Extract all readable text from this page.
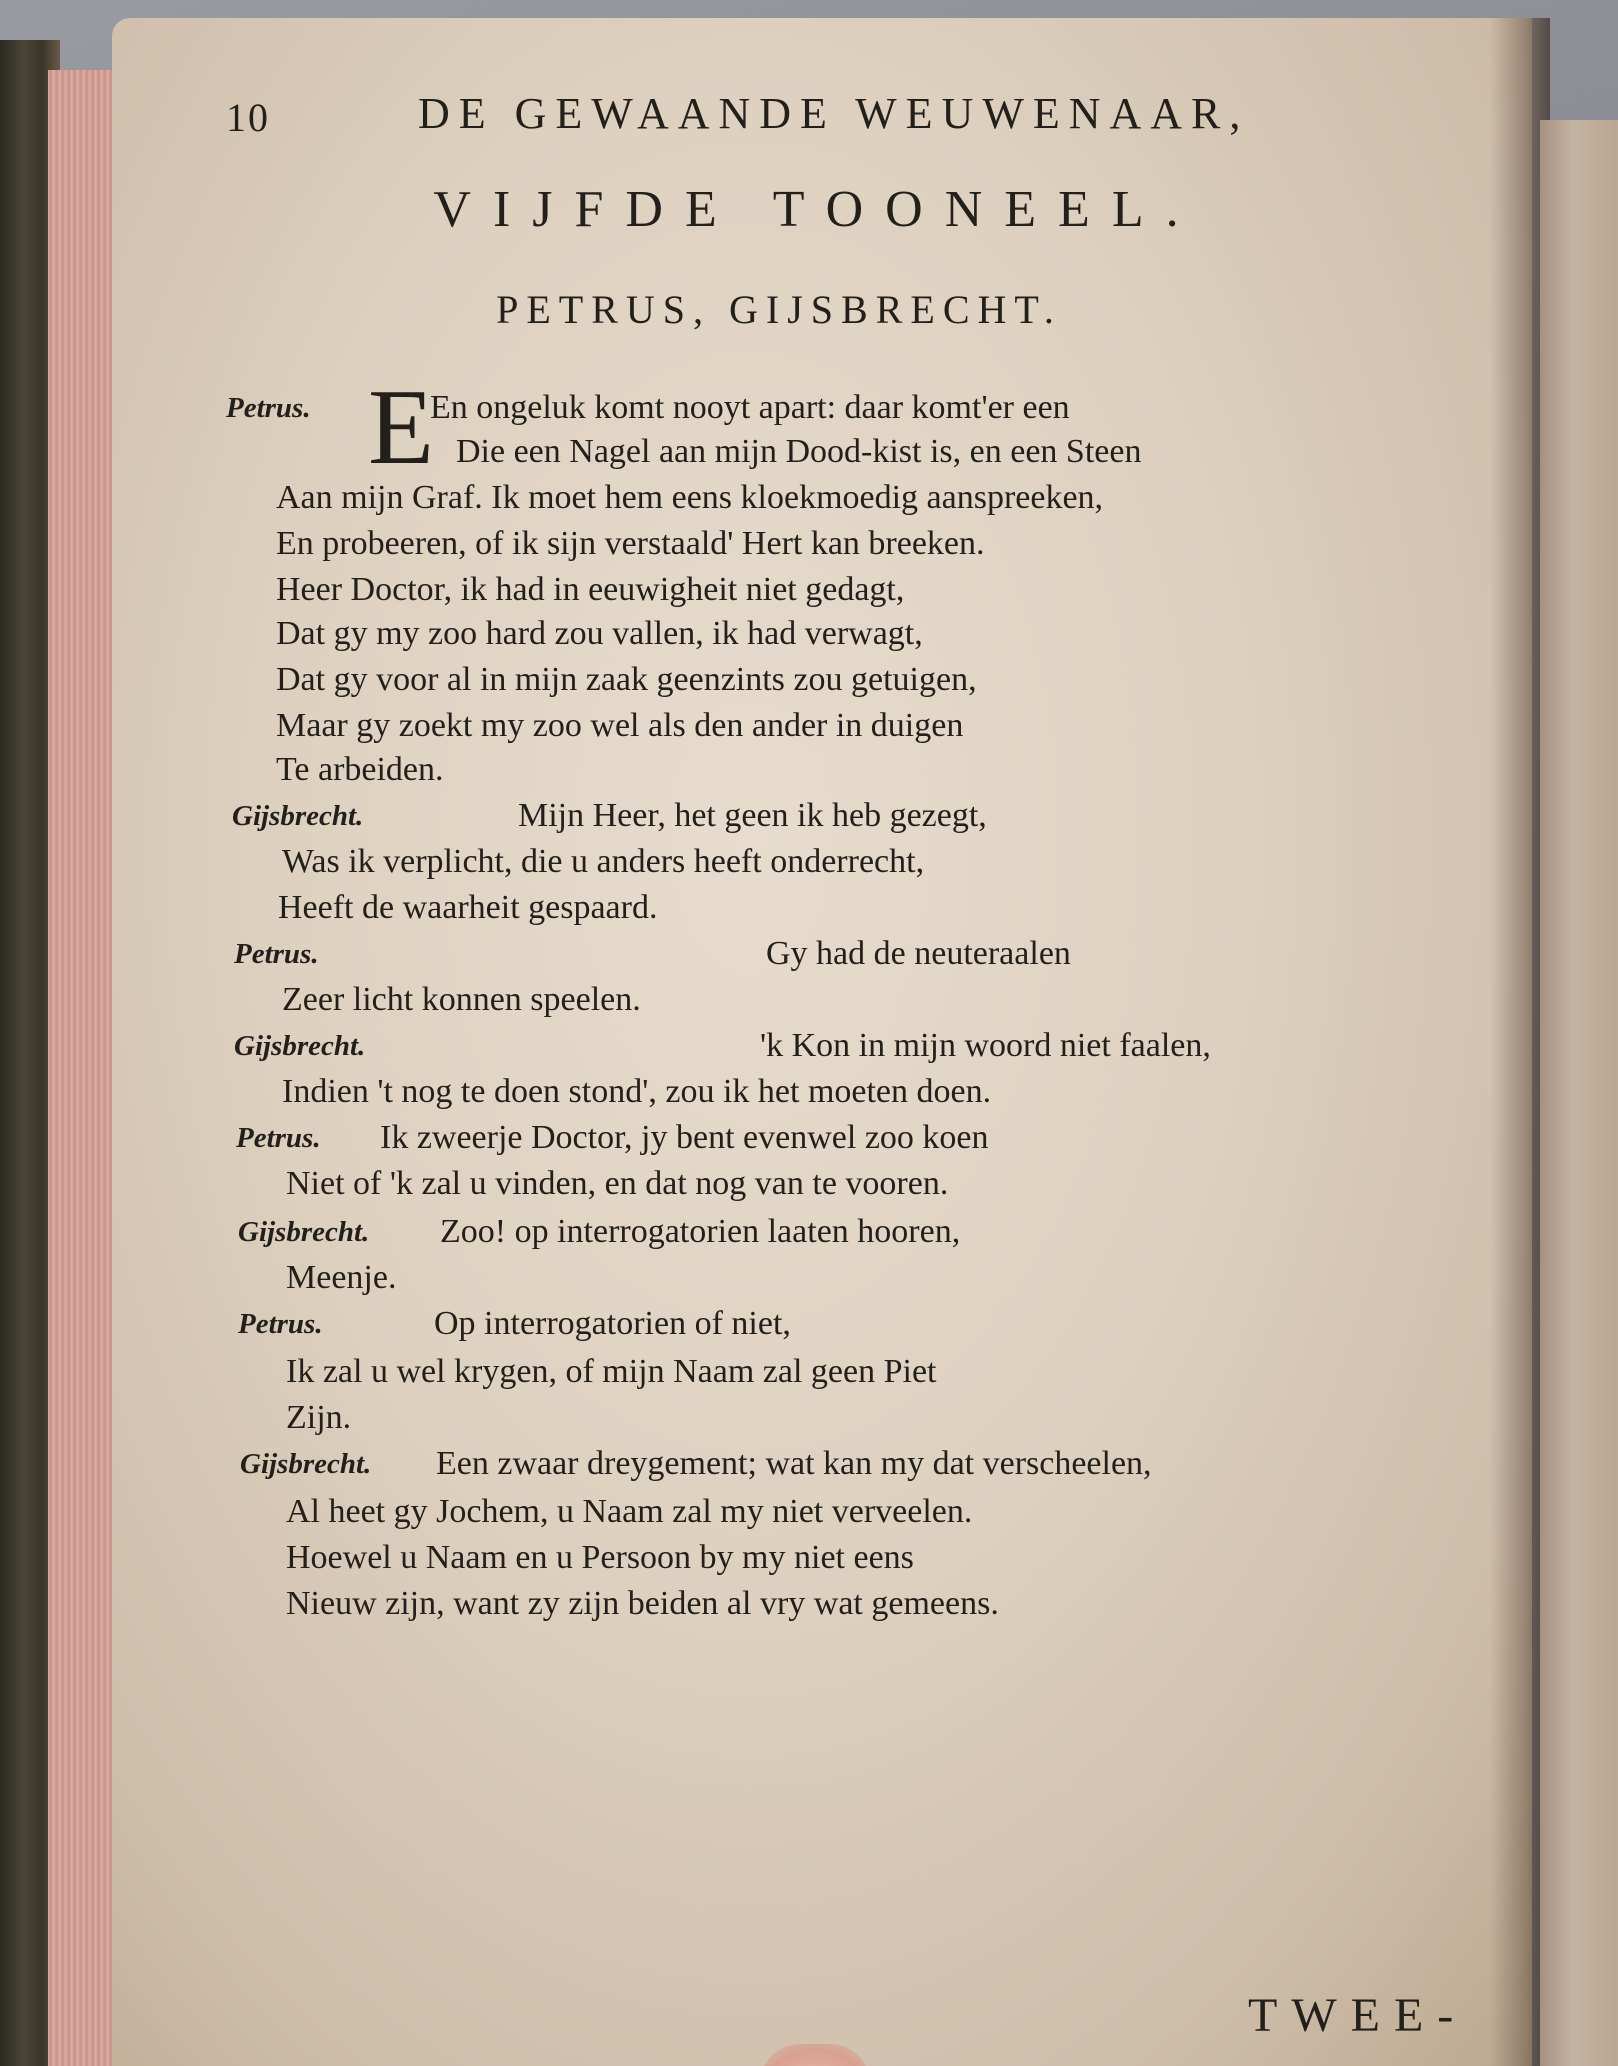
10	DE GEWAANDE WEUWENAAR,
VIJFDE TOONEEL.
PETRUS, GIJSBRECHT.
Petrus. E
En ongeluk komt nooyt apart: daar komt'er een
Die een Nagel aan mijn Dood-kist is, en een Steen
Aan mijn Graf. Ik moet hem eens kloekmoedig aanspreeken,
En probeeren, of ik sijn verstaald' Hert kan breeken.
Heer Doctor, ik had in eeuwigheit niet gedagt,
Dat gy my zoo hard zou vallen, ik had verwagt,
Dat gy voor al in mijn zaak geenzints zou getuigen,
Maar gy zoekt my zoo wel als den ander in duigen
Te arbeiden.
Gijsbrecht.	Mijn Heer, het geen ik heb gezegt,
Was ik verplicht, die u anders heeft onderrecht,
Heeft de waarheit gespaard.
Petrus.	Gy had de neuteraalen
Zeer licht konnen speelen.
Gijsbrecht.	'k Kon in mijn woord niet faalen,
Indien 't nog te doen stond', zou ik het moeten doen.
Petrus. Ik zweerje Doctor, jy bent evenwel zoo koen
Niet of 'k zal u vinden, en dat nog van te vooren.
Gijsbrecht. Zoo! op interrogatorien laaten hooren,
Meenje.
Petrus.	Op interrogatorien of niet,
Ik zal u wel krygen, of mijn Naam zal geen Piet
Zijn.
Gijsbrecht. Een zwaar dreygement; wat kan my dat verscheelen,
Al heet gy Jochem, u Naam zal my niet verveelen.
Hoewel u Naam en u Persoon by my niet eens
Nieuw zijn, want zy zijn beiden al vry wat gemeens.
TWEE-
